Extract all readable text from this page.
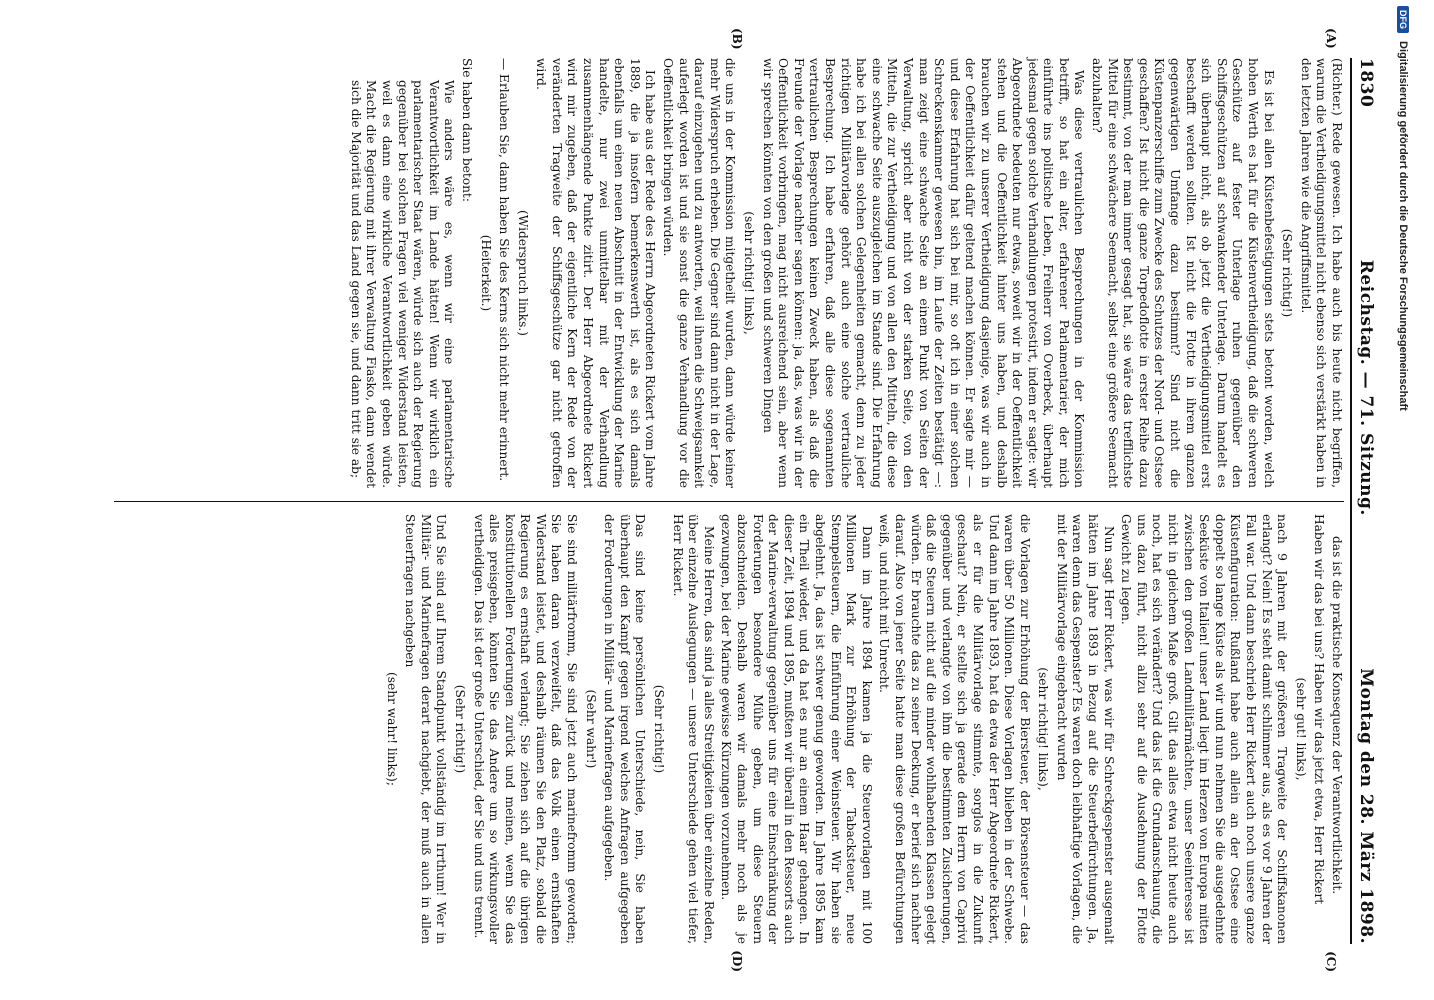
1830
Reichstag. — 71. Sitzung.
Montag den 28. März 1898.
(A)
(B)

(Richter.) Rede gewesen. Ich habe auch bis heute nicht begriffen, warum die Vertheidigungsmittel nicht ebenso sich verstärkt haben in den letzten Jahren wie die Angriffsmittel.

(Sehr richtig!)

Es ist bei allen Küstenbefestigungen stets betont worden, welch hohen Werth es hat für die Küstenvertheidigung, daß die schweren Geschütze auf fester Unterlage ruhen gegenüber den Schiffsgeschützen auf schwankender Unterlage. Darum handelt es sich überhaupt nicht, als ob jetzt die Vertheidigungsmittel erst beschafft werden sollten. Ist nicht die Flotte in ihrem ganzen gegenwärtigen Umfange dazu bestimmt? Sind nicht die Küstenpanzerschiffe zum Zwecke des Schutzes der Nord- und Ostsee geschaffen? Ist nicht die ganze Torpedoflotte in erster Reihe dazu bestimmt, von der man immer gesagt hat, sie wäre das trefflichste Mittel für eine schwächere Seemacht, selbst eine größere Seemacht abzuhalten?

Was diese vertraulichen Besprechungen in der Kommission betrifft, so hat ein alter, erfahrener Parlamentarier, der mich einführte ins politische Leben, Freiherr von Overbeck, überhaupt jedesmal gegen solche Verhandlungen protestirt, indem er sagte: wir Abgeordnete bedeuten nur etwas, soweit wir in der Oeffentlichkeit stehen und die Oeffentlichkeit hinter uns haben, und deshalb brauchen wir zu unserer Vertheidigung dasjenige, was wir auch in der Oeffentlichkeit dafür geltend machen können. Er sagte mir — und diese Erfahrung hat sich bei mir, so oft ich in einer solchen Schreckenskammer gewesen bin, im Laufe der Zeiten bestätigt —: man zeigt eine schwache Seite an einem Punkt von Seiten der Verwaltung, spricht aber nicht von der starken Seite, von den Mitteln, die zur Vertheidigung und von allen den Mitteln, die diese eine schwache Seite auszugleichen im Stande sind. Die Erfahrung habe ich bei allen solchen Gelegenheiten gemacht, denn zu jeder richtigen Militärvorlage gehört auch eine solche vertrauliche Besprechung. Ich habe erfahren, daß alle diese sogenannten vertraulichen Besprechungen keinen Zweck haben, als daß die Freunde der Vorlage nachher sagen können: ja, das, was wir in der Oeffentlichkeit vorbringen, mag nicht ausreichend sein, aber wenn wir sprechen könnten von den großen und schweren Dingen

(sehr richtig! links),

die uns in der Kommission mitgetheilt wurden, dann würde keiner mehr Widerspruch erheben. Die Gegner sind dann nicht in der Lage, darauf einzugehen und zu antworten, weil ihnen die Schweigsamkeit auferlegt worden ist und sie sonst die ganze Verhandlung vor die Oeffentlichkeit bringen würden.

Ich habe aus der Rede des Herrn Abgeordneten Rickert vom Jahre 1889, die ja insofern bemerkenswerth ist, als es sich damals ebenfalls um einen neuen Abschnitt in der Entwicklung der Marine handelte, nur zwei unmittelbar mit der Verhandlung zusammenhängende Punkte zitirt. Der Herr Abgeordnete Rickert wird mir zugeben, daß der eigentliche Kern der Rede von der veränderten Tragweite der Schiffsgeschütze gar nicht getroffen wird.

(Widerspruch links.)

— Erlauben Sie, dann haben Sie des Kerns sich nicht mehr erinnert.

(Heiterkeit.)

Sie haben dann betont:

Wie anders wäre es, wenn wir eine parlamentarische Verantwortlichkeit im Lande hätten! Wenn wir wirklich ein parlamentarischer Staat wären, würde sich auch der Regierung gegenüber bei solchen Fragen viel weniger Widerstand leisten, weil es dann eine wirkliche Verantwortlichkeit geben würde. Macht die Regierung mit ihrer Verwaltung Fiasko, dann wendet sich die Majorität und das Land gegen sie, und dann tritt sie ab;

(C)
(D)

das ist die praktische Konsequenz der Verantwortlichkeit.

Haben wir das bei uns? Haben wir das jetzt etwa, Herr Rickert

(sehr gut! links),

nach 9 Jahren mit der größeren Tragweite der Schiffskanonen erlangt? Nein! Es steht damit schlimmer aus, als es vor 9 Jahren der Fall war. Und dann beschrieb Herr Rickert auch noch unsere ganze Küstenfiguration: Rußland habe auch allein an der Ostsee eine doppelt so lange Küste als wir und nun nehmen Sie die ausgedehnte Seeküste von Italien! unser Land liegt im Herzen von Europa mitten zwischen den großen Landmilitärmächten, unser Seeinteresse ist nicht in gleichem Maße groß. Gilt das alles etwa nicht heute auch noch, hat es sich verändert? Und das ist die Grundanschauung, die uns dazu führt, nicht allzu sehr auf die Ausdehnung der Flotte Gewicht zu legen.

Nun sagt Herr Rickert, was wir für Schreckgespenster ausgemalt hätten im Jahre 1893 in Bezug auf die Steuerbefürchtungen. Ja, waren denn das Gespenster? Es waren doch leibhaftige Vorlagen, die mit der Militärvorlage eingebracht wurden

(sehr richtig! links),

die Vorlagen zur Erhöhung der Biersteuer, der Börsensteuer — das waren über 50 Millionen. Diese Vorlagen blieben in der Schwebe. Und dann im Jahre 1893, hat da etwa der Herr Abgeordnete Rickert, als er für die Militärvorlage stimmte, sorglos in die Zukunft geschaut? Nein, er stellte sich ja gerade dem Herrn von Caprivi gegenüber und verlangte von ihm die bestimmten Zusicherungen, daß die Steuern nicht auf die minder wohlhabenden Klassen gelegt würden. Er brauchte das zu seiner Deckung, er berief sich nachher darauf. Also von jener Seite hatte man diese großen Befürchtungen weiß, und nicht mit Unrecht.

Dann im Jahre 1894 kamen ja die Steuervorlagen mit 100 Millionen Mark zur Erhöhung der Tabacksteuer, neue Stempelsteuern, die Einführung einer Weinsteuer. Wir haben sie abgelehnt. Ja, das ist schwer genug geworden. Im Jahre 1895 kam ein Theil wieder, und da hat es nur an einem Haar gehangen. In dieser Zeit, 1894 und 1895, mußten wir überall in den Ressorts auch der Marine-verwaltung gegenüber uns für eine Einschränkung der Forderungen besondere Mühe geben, um diese Steuern abzuschneiden. Deshalb waren wir damals mehr noch als je gezwungen, bei der Marine gewisse Kürzungen vorzunehmen.

Meine Herren, das sind ja alles Streitigkeiten über einzelne Reden, über einzelne Auslegungen — unsere Unterschiede gehen viel tiefer, Herr Rickert.

(Sehr richtig!)

Das sind keine persönlichen Unterschiede, nein, Sie haben überhaupt den Kampf gegen irgend welches Anfragen aufgegeben der Forderungen in Militär- und Marinefragen aufgegeben.

(Sehr wahr!)

Sie sind militärfromm, Sie sind jetzt auch marinefromm geworden; Sie haben daran verzweifelt, daß das Volk einen ernsthaften Widerstand leistet, und deshalb räumen Sie den Platz, sobald die Regierung es ernsthaft verlangt; Sie ziehen sich auf die übrigen konstitutionellen Forderungen zurück und meinen, wenn Sie das alles preisgeben, könnten Sie das Andere um so wirkungsvoller vertheidigen. Das ist der große Unterschied, der Sie und uns trennt.

(Sehr richtig!)

Und Sie sind auf Ihrem Standpunkt vollständig im Irrthum! Wer in Militär- und Marinefragen derart nachgiebt, der muß auch in allen Steuerfragen nachgeben

(sehr wahr! links);

DFG
Digitalisierung gefördert durch die Deutsche Forschungsgemeinschaft
